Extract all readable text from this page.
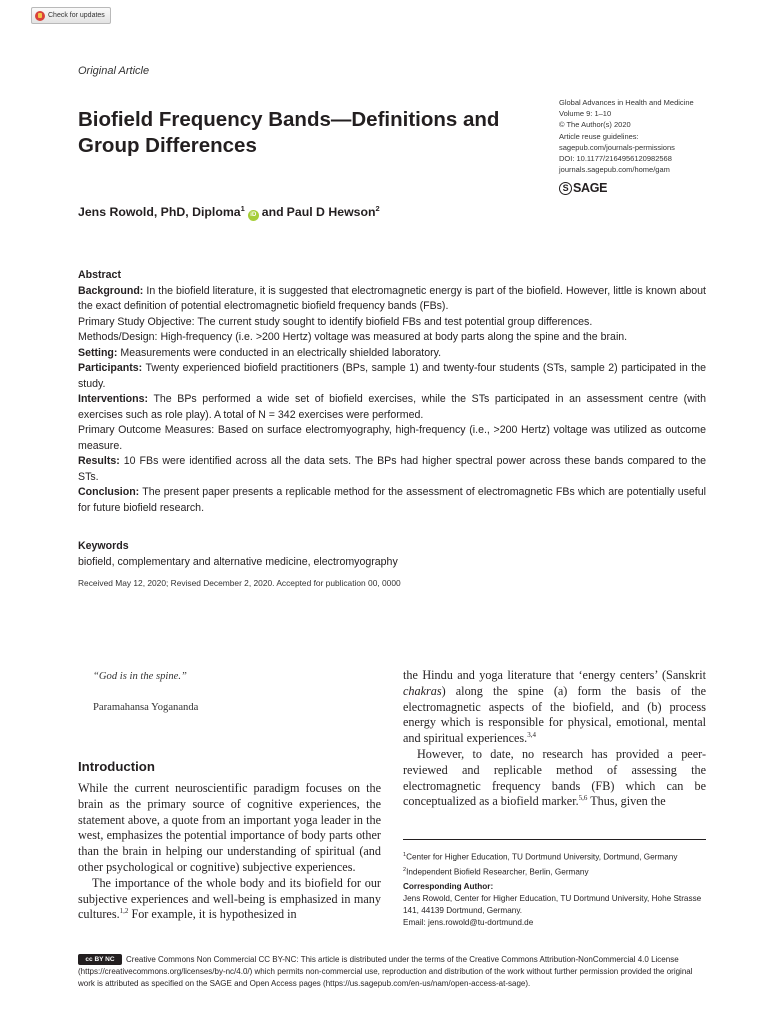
Check for updates
Original Article
Biofield Frequency Bands—Definitions and Group Differences
Global Advances in Health and Medicine
Volume 9: 1–10
© The Author(s) 2020
Article reuse guidelines:
sagepub.com/journals-permissions
DOI: 10.1177/2164956120982568
journals.sagepub.com/home/gam
S SAGE
Jens Rowold, PhD, Diploma$^1$
iD and Paul D Hewson$^2$

Abstract

Background: In the biofield literature, it is suggested that electromagnetic energy is part of the biofield. However, little is known about the exact definition of potential electromagnetic biofield frequency bands (FBs).

Primary Study Objective: The current study sought to identify biofield FBs and test potential group differences.

Methods/Design: High-frequency (i.e. >200 Hertz) voltage was measured at body parts along the spine and the brain.

Setting: Measurements were conducted in an electrically shielded laboratory.

Participants: Twenty experienced biofield practitioners (BPs, sample 1) and twenty-four students (STs, sample 2) participated in the study.

Interventions: The BPs performed a wide set of biofield exercises, while the STs participated in an assessment centre (with exercises such as role play). A total of N = 342 exercises were performed.

Primary Outcome Measures: Based on surface electromyography, high-frequency (i.e., >200 Hertz) voltage was utilized as outcome measure.

Results: 10 FBs were identified across all the data sets. The BPs had higher spectral power across these bands compared to the STs.

Conclusion: The present paper presents a replicable method for the assessment of electromagnetic FBs which are potentially useful for future biofield research.

Keywords
biofield, complementary and alternative medicine, electromyography
Received May 12, 2020; Revised December 2, 2020. Accepted for publication 00, 0000
“God is in the spine.”
Paramahansa Yogananda
Introduction

While the current neuroscientific paradigm focuses on the brain as the primary source of cognitive experiences, the statement above, a quote from an important yoga leader in the west, emphasizes the potential importance of body parts other than the brain in helping our understanding of spiritual (and other psychological or cognitive) subjective experiences.

The importance of the whole body and its biofield for our subjective experiences and well-being is emphasized in many cultures.$^{1,2}$ For example, it is hypothesized in

the Hindu and yoga literature that ‘energy centers’ (Sanskrit chakras) along the spine (a) form the basis of the electromagnetic aspects of the biofield, and (b) process energy which is responsible for physical, emotional, mental and spiritual experiences.$^{3,4}$

However, to date, no research has provided a peer-reviewed and replicable method of assessing the electromagnetic frequency bands (FB) which can be conceptualized as a biofield marker.$^{5,6}$ Thus, given the

$^1$Center for Higher Education, TU Dortmund University, Dortmund, Germany

$^2$Independent Biofield Researcher, Berlin, Germany

Corresponding Author:

Jens Rowold, Center for Higher Education, TU Dortmund University, Hohe Strasse 141, 44139 Dortmund, Germany.

Email: jens.rowold@tu-dortmund.de

cc BY NC Creative Commons Non Commercial CC BY-NC: This article is distributed under the terms of the Creative Commons Attribution-NonCommercial 4.0 License (https://creativecommons.org/licenses/by-nc/4.0/) which permits non-commercial use, reproduction and distribution of the work without further permission provided the original work is attributed as specified on the SAGE and Open Access pages (https://us.sagepub.com/en-us/nam/open-access-at-sage).
